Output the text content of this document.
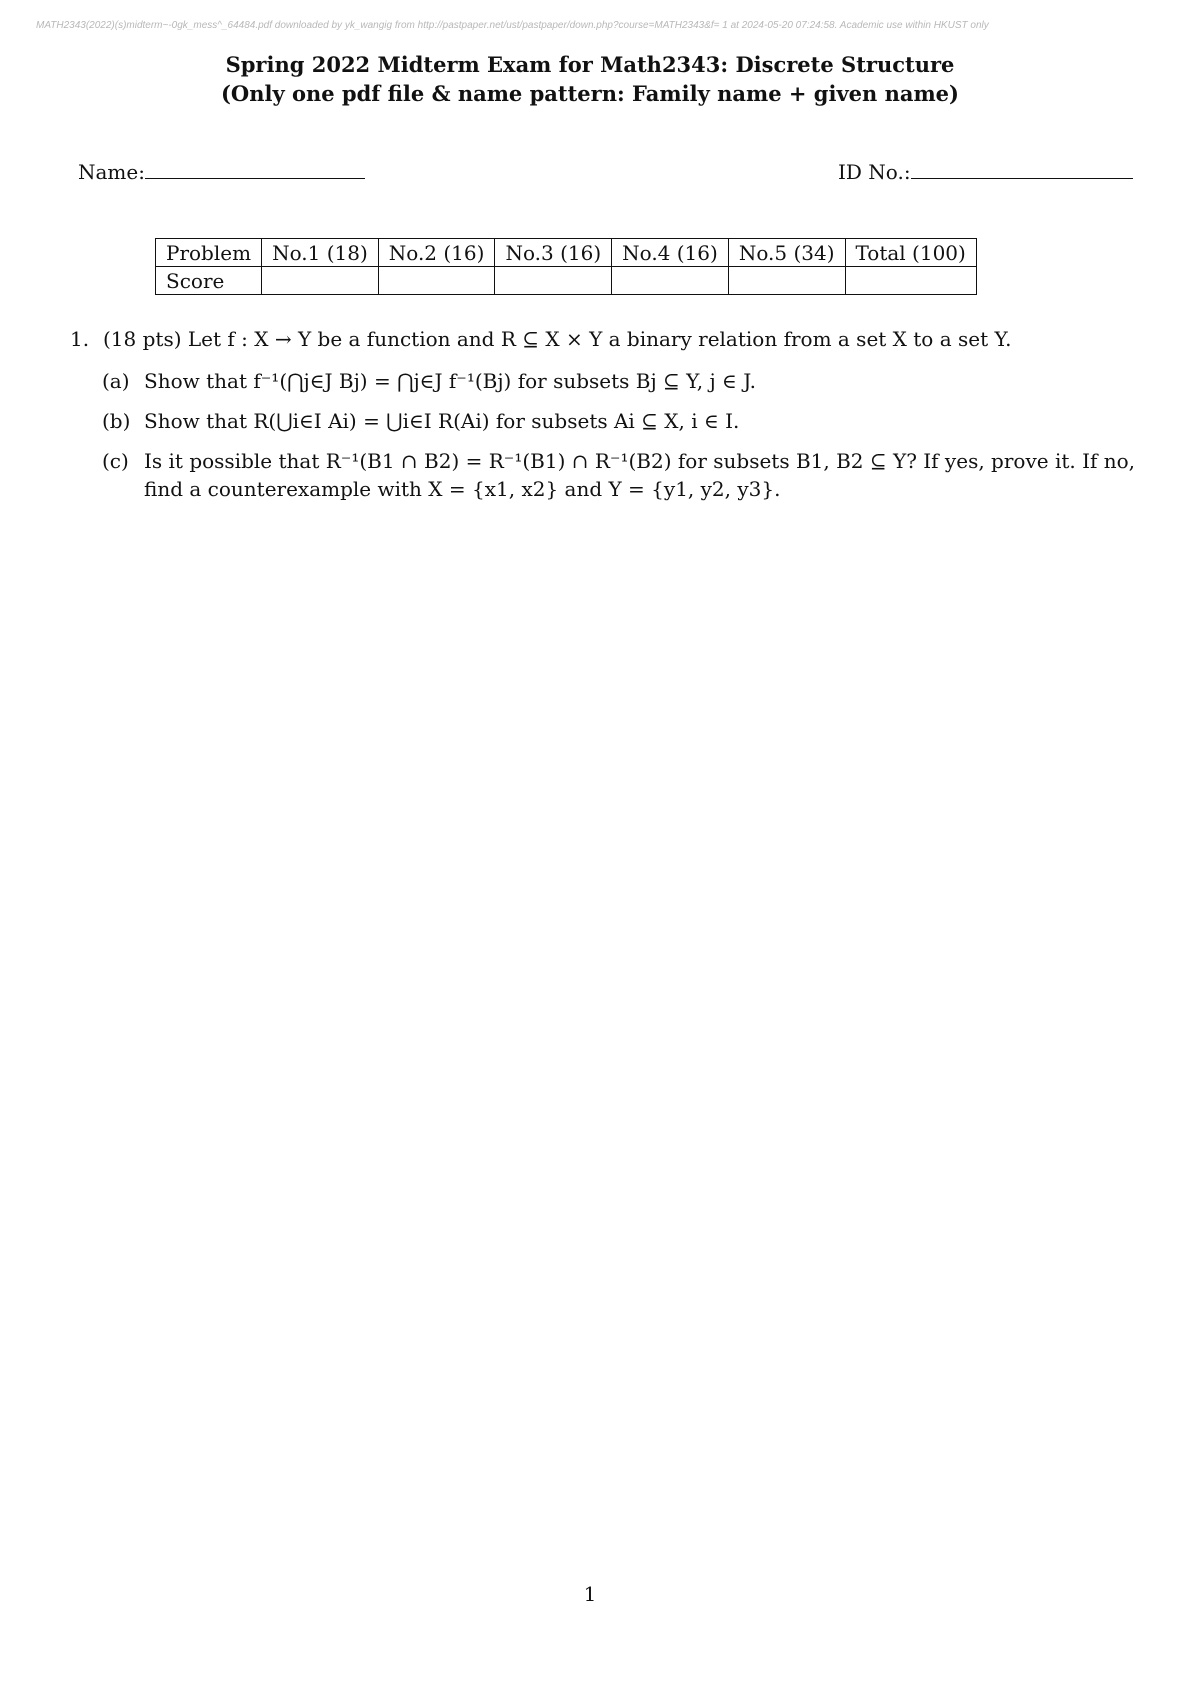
MATH2343(2022)(s)midterm~-0gk_mess^_64484.pdf downloaded by yk_wangig from http://pastpaper.net/ust/pastpaper/down.php?course=MATH2343&f= 1 at 2024-05-20 07:24:58. Academic use within HKUST only
Spring 2022 Midterm Exam for Math2343: Discrete Structure
(Only one pdf file & name pattern: Family name + given name)
Name:	ID No.:
Problem	No.1 (18)	No.2 (16)	No.3 (16)	No.4 (16)	No.5 (34)	Total (100)
Score						
1. (18 pts) Let f : X → Y be a function and R ⊆ X × Y a binary relation from a set X to a set Y.
(a) Show that f⁻¹(⋂j∈J Bj) = ⋂j∈J f⁻¹(Bj) for subsets Bj ⊆ Y, j ∈ J.
(b) Show that R(⋃i∈I Ai) = ⋃i∈I R(Ai) for subsets Ai ⊆ X, i ∈ I.
(c) Is it possible that R⁻¹(B1 ∩ B2) = R⁻¹(B1) ∩ R⁻¹(B2) for subsets B1, B2 ⊆ Y? If yes, prove it. If no, find a counterexample with X = {x1, x2} and Y = {y1, y2, y3}.
1
